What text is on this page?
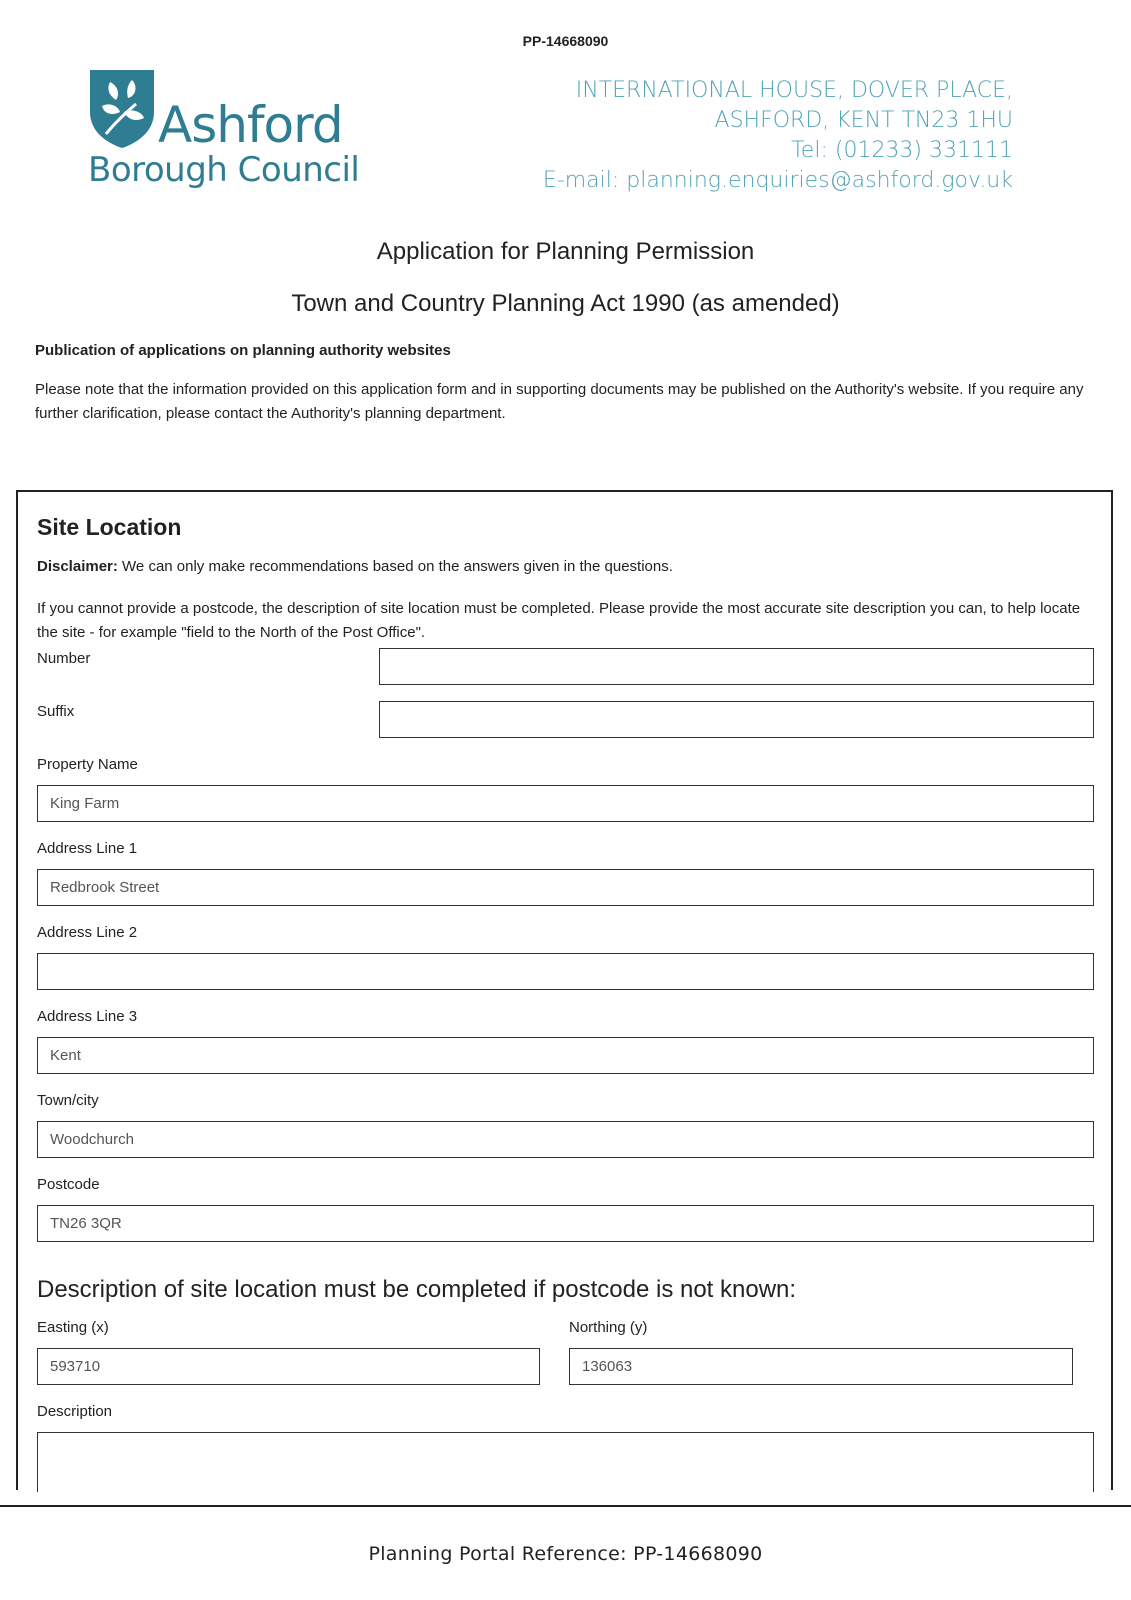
PP-14668090
Ashford
Borough Council
INTERNATIONAL HOUSE, DOVER PLACE,
ASHFORD, KENT TN23 1HU
Tel: (01233) 331111
E-mail: planning.enquiries@ashford.gov.uk
Application for Planning Permission
Town and Country Planning Act 1990 (as amended)
Publication of applications on planning authority websites
Please note that the information provided on this application form and in supporting documents may be published on the Authority's website. If you require any further clarification, please contact the Authority's planning department.
Site Location
Disclaimer: We can only make recommendations based on the answers given in the questions.
If you cannot provide a postcode, the description of site location must be completed. Please provide the most accurate site description you can, to help locate the site - for example "field to the North of the Post Office".
Number
Suffix
Property Name
King Farm
Address Line 1
Redbrook Street
Address Line 2
Address Line 3
Kent
Town/city
Woodchurch
Postcode
TN26 3QR
Description of site location must be completed if postcode is not known:
Easting (x)
593710
Northing (y)
136063
Description
Planning Portal Reference: PP-14668090
